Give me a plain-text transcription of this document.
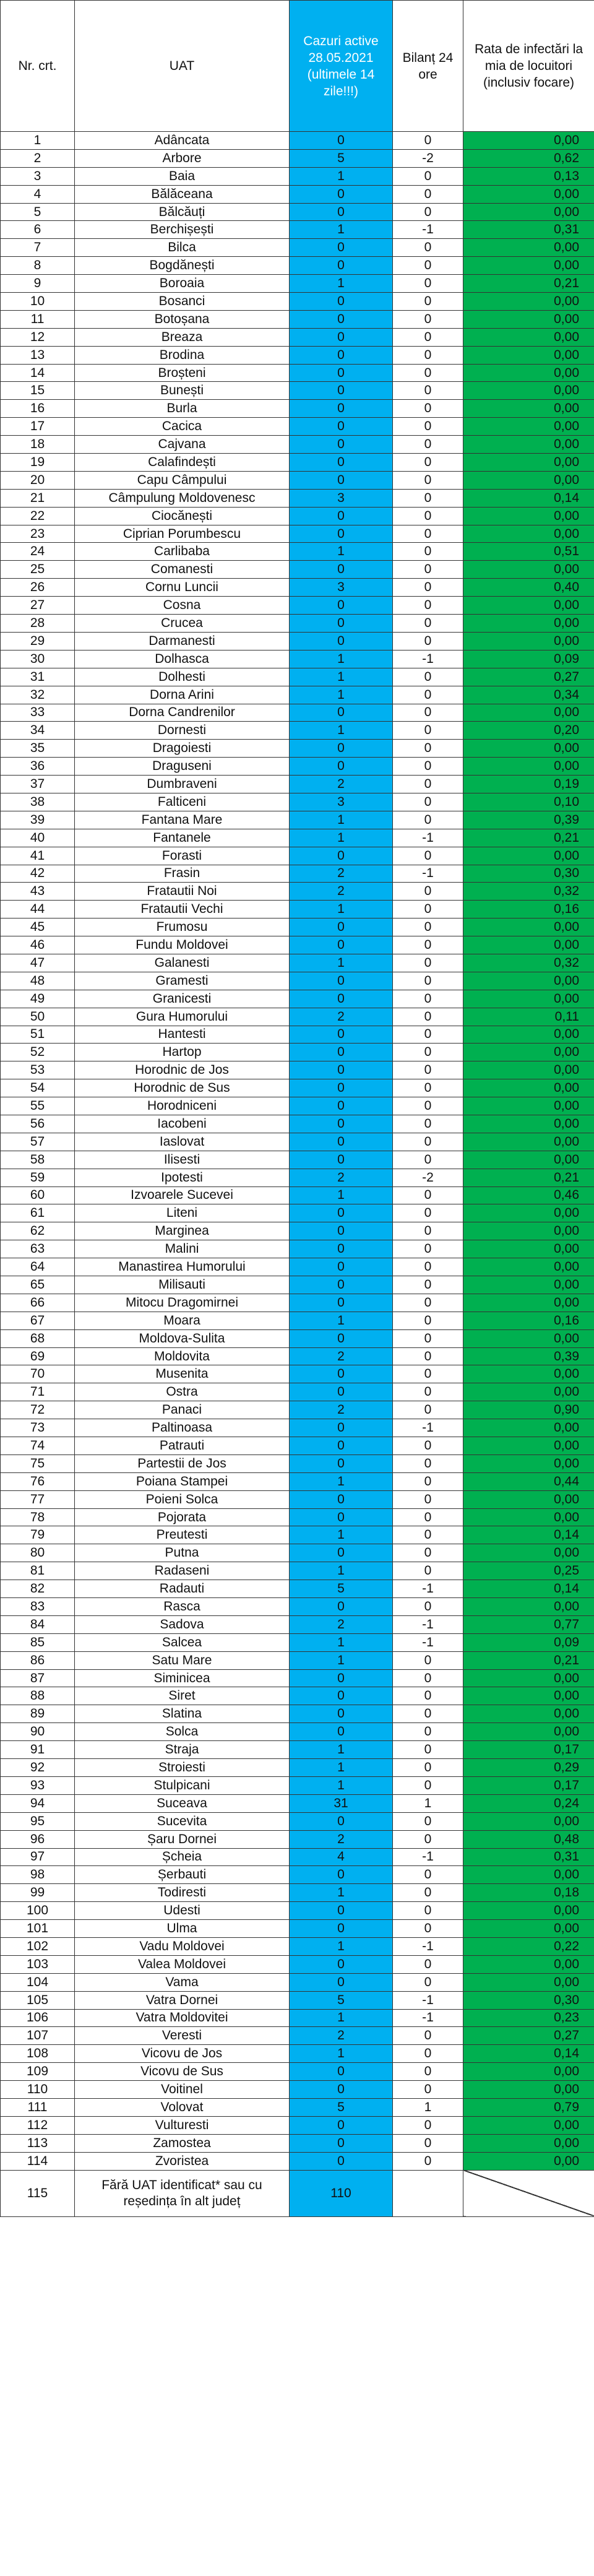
Nr. crt.	UAT	Cazuri active 28.05.2021 (ultimele 14 zile!!!)	Bilanț 24 ore	Rata de infectări la mia de locuitori (inclusiv focare)
1	Adâncata	0	0	0,00
2	Arbore	5	-2	0,62
3	Baia	1	0	0,13
4	Bălăceana	0	0	0,00
5	Bălcăuți	0	0	0,00
6	Berchișești	1	-1	0,31
7	Bilca	0	0	0,00
8	Bogdănești	0	0	0,00
9	Boroaia	1	0	0,21
10	Bosanci	0	0	0,00
11	Botoșana	0	0	0,00
12	Breaza	0	0	0,00
13	Brodina	0	0	0,00
14	Broșteni	0	0	0,00
15	Bunești	0	0	0,00
16	Burla	0	0	0,00
17	Cacica	0	0	0,00
18	Cajvana	0	0	0,00
19	Calafindești	0	0	0,00
20	Capu Câmpului	0	0	0,00
21	Câmpulung Moldovenesc	3	0	0,14
22	Ciocănești	0	0	0,00
23	Ciprian Porumbescu	0	0	0,00
24	Carlibaba	1	0	0,51
25	Comanesti	0	0	0,00
26	Cornu Luncii	3	0	0,40
27	Cosna	0	0	0,00
28	Crucea	0	0	0,00
29	Darmanesti	0	0	0,00
30	Dolhasca	1	-1	0,09
31	Dolhesti	1	0	0,27
32	Dorna Arini	1	0	0,34
33	Dorna Candrenilor	0	0	0,00
34	Dornesti	1	0	0,20
35	Dragoiesti	0	0	0,00
36	Draguseni	0	0	0,00
37	Dumbraveni	2	0	0,19
38	Falticeni	3	0	0,10
39	Fantana Mare	1	0	0,39
40	Fantanele	1	-1	0,21
41	Forasti	0	0	0,00
42	Frasin	2	-1	0,30
43	Fratautii Noi	2	0	0,32
44	Fratautii Vechi	1	0	0,16
45	Frumosu	0	0	0,00
46	Fundu Moldovei	0	0	0,00
47	Galanesti	1	0	0,32
48	Gramesti	0	0	0,00
49	Granicesti	0	0	0,00
50	Gura Humorului	2	0	0,11
51	Hantesti	0	0	0,00
52	Hartop	0	0	0,00
53	Horodnic de Jos	0	0	0,00
54	Horodnic de Sus	0	0	0,00
55	Horodniceni	0	0	0,00
56	Iacobeni	0	0	0,00
57	Iaslovat	0	0	0,00
58	Ilisesti	0	0	0,00
59	Ipotesti	2	-2	0,21
60	Izvoarele Sucevei	1	0	0,46
61	Liteni	0	0	0,00
62	Marginea	0	0	0,00
63	Malini	0	0	0,00
64	Manastirea Humorului	0	0	0,00
65	Milisauti	0	0	0,00
66	Mitocu Dragomirnei	0	0	0,00
67	Moara	1	0	0,16
68	Moldova-Sulita	0	0	0,00
69	Moldovita	2	0	0,39
70	Musenita	0	0	0,00
71	Ostra	0	0	0,00
72	Panaci	2	0	0,90
73	Paltinoasa	0	-1	0,00
74	Patrauti	0	0	0,00
75	Partestii de Jos	0	0	0,00
76	Poiana Stampei	1	0	0,44
77	Poieni Solca	0	0	0,00
78	Pojorata	0	0	0,00
79	Preutesti	1	0	0,14
80	Putna	0	0	0,00
81	Radaseni	1	0	0,25
82	Radauti	5	-1	0,14
83	Rasca	0	0	0,00
84	Sadova	2	-1	0,77
85	Salcea	1	-1	0,09
86	Satu Mare	1	0	0,21
87	Siminicea	0	0	0,00
88	Siret	0	0	0,00
89	Slatina	0	0	0,00
90	Solca	0	0	0,00
91	Straja	1	0	0,17
92	Stroiesti	1	0	0,29
93	Stulpicani	1	0	0,17
94	Suceava	31	1	0,24
95	Sucevita	0	0	0,00
96	Șaru Dornei	2	0	0,48
97	Șcheia	4	-1	0,31
98	Șerbauti	0	0	0,00
99	Todiresti	1	0	0,18
100	Udesti	0	0	0,00
101	Ulma	0	0	0,00
102	Vadu Moldovei	1	-1	0,22
103	Valea Moldovei	0	0	0,00
104	Vama	0	0	0,00
105	Vatra Dornei	5	-1	0,30
106	Vatra Moldovitei	1	-1	0,23
107	Veresti	2	0	0,27
108	Vicovu de Jos	1	0	0,14
109	Vicovu de Sus	0	0	0,00
110	Voitinel	0	0	0,00
111	Volovat	5	1	0,79
112	Vulturesti	0	0	0,00
113	Zamostea	0	0	0,00
114	Zvoristea	0	0	0,00
115	Fără UAT identificat* sau cu reședința în alt județ	110		
